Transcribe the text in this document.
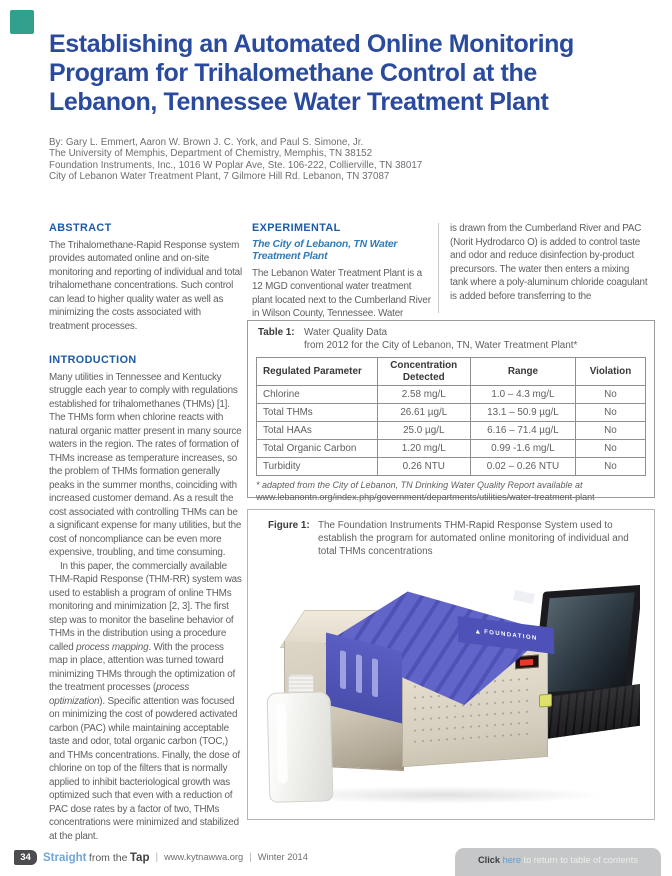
Establishing an Automated Online Monitoring Program for Trihalomethane Control at the Lebanon, Tennessee Water Treatment Plant
By: Gary L. Emmert, Aaron W. Brown J. C. York, and Paul S. Simone, Jr.
The University of Memphis, Department of Chemistry, Memphis, TN 38152
Foundation Instruments, Inc., 1016 W Poplar Ave, Ste. 106-222, Collierville, TN 38017
City of Lebanon Water Treatment Plant, 7 Gilmore Hill Rd. Lebanon, TN 37087
ABSTRACT

The Trihalomethane-Rapid Response system provides automated online and on-site monitoring and reporting of individual and total trihalomethane concentrations. Such control can lead to higher quality water as well as minimizing the costs associated with treatment processes.

INTRODUCTION

Many utilities in Tennessee and Kentucky struggle each year to comply with regulations established for trihalomethanes (THMs) [1]. The THMs form when chlorine reacts with natural organic matter present in many source waters in the region. The rates of formation of THMs increase as temperature increases, so the problem of THMs formation generally peaks in the summer months, coinciding with increased customer demand. As a result the cost associated with controlling THMs can be a significant expense for many utilities, but the cost of noncompliance can be even more expensive, troubling, and time consuming.

In this paper, the commercially available THM-Rapid Response (THM-RR) system was used to establish a program of online THMs monitoring and minimization [2, 3]. The first step was to monitor the baseline behavior of THMs in the distribution using a procedure called process mapping. With the process map in place, attention was turned toward minimizing THMs through the optimization of the treatment processes (process optimization). Specific attention was focused on minimizing the cost of powdered activated carbon (PAC) while maintaining acceptable taste and odor, total organic carbon (TOC,) and THMs concentrations. Finally, the dose of chlorine on top of the filters that is normally applied to inhibit bacteriological growth was optimized such that even with a reduction of PAC dose rates by a factor of two, THMs concentrations were minimized and stabilized at the plant.

EXPERIMENTAL
The City of Lebanon, TN Water Treatment Plant

The Lebanon Water Treatment Plant is a 12 MGD conventional water treatment plant located next to the Cumberland River in Wilson County, Tennessee. Water

is drawn from the Cumberland River and PAC (Norit Hydrodarco O) is added to control taste and odor and reduce disinfection by-product precursors. The water then enters a mixing tank where a poly-aluminum chloride coagulant is added before transferring to the

Table 1: Water Quality Data
from 2012 for the City of Lebanon, TN, Water Treatment Plant*
Regulated Parameter	Concentration Detected	Range	Violation
Chlorine	2.58 mg/L	1.0 – 4.3 mg/L	No
Total THMs	26.61 µg/L	13.1 – 50.9 µg/L	No
Total HAAs	25.0 µg/L	6.16 – 71.4 µg/L	No
Total Organic Carbon	1.20 mg/L	0.99 -1.6 mg/L	No
Turbidity	0.26 NTU	0.02 – 0.26 NTU	No
* adapted from the City of Lebanon, TN Drinking Water Quality Report available at www.lebanontn.org/index.php/government/departments/utilities/water-treatment-plant
Figure 1: The Foundation Instruments THM-Rapid Response System used to establish the program for automated online monitoring of individual and total THMs concentrations
▲ FOUNDATION
34	Straight from the Tap | www.kytnawwa.org | Winter 2014	Click here to return to table of contents
